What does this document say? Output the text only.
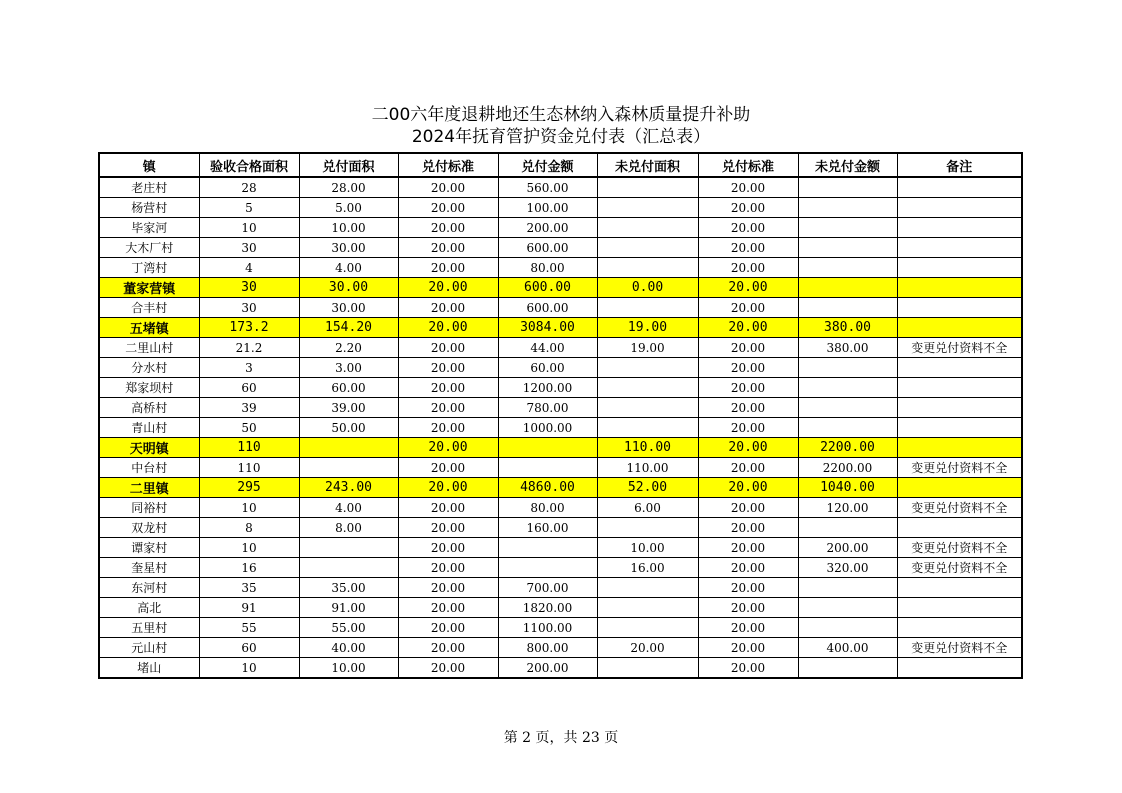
二00六年度退耕地还生态林纳入森林质量提升补助
2024年抚育管护资金兑付表（汇总表）
镇	验收合格面积	兑付面积	兑付标准	兑付金额	未兑付面积	兑付标准	未兑付金额	备注
老庄村	28	28.00	20.00	560.00		20.00		
杨营村	5	5.00	20.00	100.00		20.00		
毕家河	10	10.00	20.00	200.00		20.00		
大木厂村	30	30.00	20.00	600.00		20.00		
丁湾村	4	4.00	20.00	80.00		20.00		
董家营镇	30	30.00	20.00	600.00	0.00	20.00		
合丰村	30	30.00	20.00	600.00		20.00		
五堵镇	173.2	154.20	20.00	3084.00	19.00	20.00	380.00	
二里山村	21.2	2.20	20.00	44.00	19.00	20.00	380.00	变更兑付资料不全
分水村	3	3.00	20.00	60.00		20.00		
郑家坝村	60	60.00	20.00	1200.00		20.00		
高桥村	39	39.00	20.00	780.00		20.00		
青山村	50	50.00	20.00	1000.00		20.00		
天明镇	110		20.00		110.00	20.00	2200.00	
中台村	110		20.00		110.00	20.00	2200.00	变更兑付资料不全
二里镇	295	243.00	20.00	4860.00	52.00	20.00	1040.00	
同裕村	10	4.00	20.00	80.00	6.00	20.00	120.00	变更兑付资料不全
双龙村	8	8.00	20.00	160.00		20.00		
谭家村	10		20.00		10.00	20.00	200.00	变更兑付资料不全
奎星村	16		20.00		16.00	20.00	320.00	变更兑付资料不全
东河村	35	35.00	20.00	700.00		20.00		
高北	91	91.00	20.00	1820.00		20.00		
五里村	55	55.00	20.00	1100.00		20.00		
元山村	60	40.00	20.00	800.00	20.00	20.00	400.00	变更兑付资料不全
堵山	10	10.00	20.00	200.00		20.00		
第 2 页，共 23 页
